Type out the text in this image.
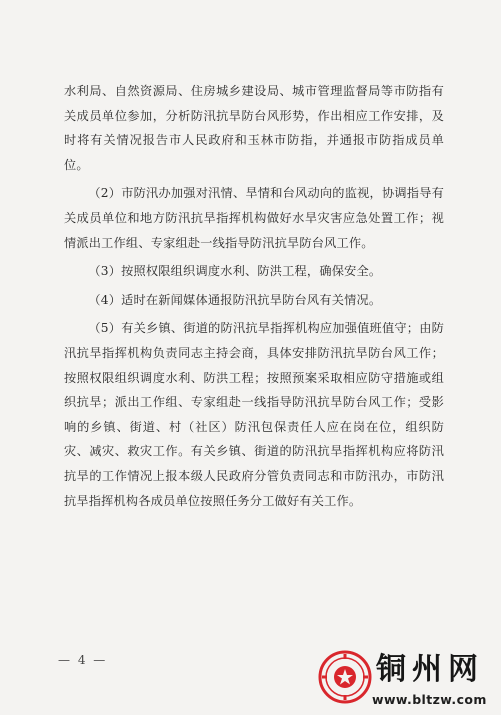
水利局、自然资源局、住房城乡建设局、城市管理监督局等市防指有关成员单位参加，分析防汛抗旱防台风形势，作出相应工作安排，及时将有关情况报告市人民政府和玉林市防指，并通报市防指成员单位。

（2）市防汛办加强对汛情、旱情和台风动向的监视，协调指导有关成员单位和地方防汛抗旱指挥机构做好水旱灾害应急处置工作；视情派出工作组、专家组赴一线指导防汛抗旱防台风工作。

（3）按照权限组织调度水利、防洪工程，确保安全。

（4）适时在新闻媒体通报防汛抗旱防台风有关情况。

（5）有关乡镇、街道的防汛抗旱指挥机构应加强值班值守；由防汛抗旱指挥机构负责同志主持会商，具体安排防汛抗旱防台风工作；按照权限组织调度水利、防洪工程；按照预案采取相应防守措施或组织抗旱；派出工作组、专家组赴一线指导防汛抗旱防台风工作；受影响的乡镇、街道、村（社区）防汛包保责任人应在岗在位，组织防灾、减灾、救灾工作。有关乡镇、街道的防汛抗旱指挥机构应将防汛抗旱的工作情况上报本级人民政府分管负责同志和市防汛办，市防汛抗旱指挥机构各成员单位按照任务分工做好有关工作。

— 4 —	铜州网
www.bltzw.com
